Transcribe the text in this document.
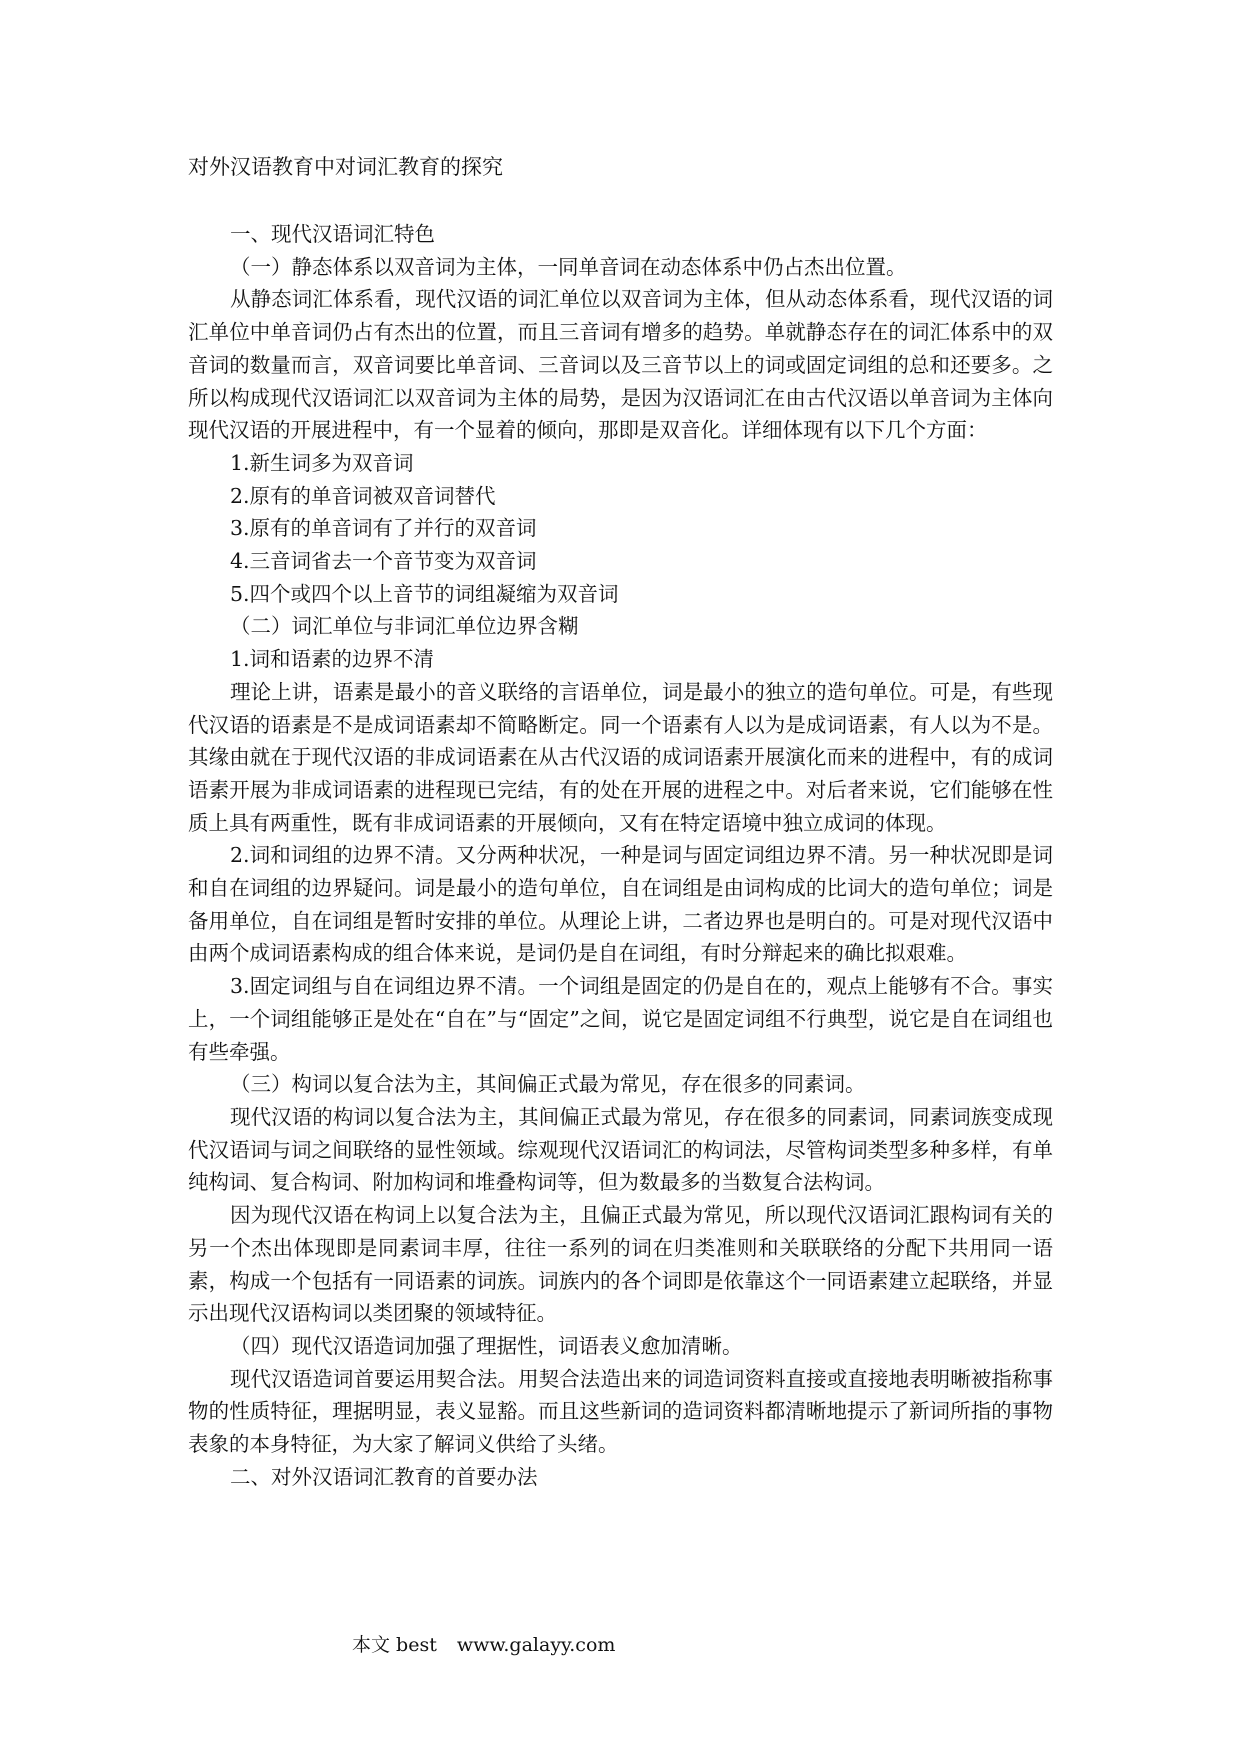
对外汉语教育中对词汇教育的探究

一、现代汉语词汇特色

（一）静态体系以双音词为主体，一同单音词在动态体系中仍占杰出位置。

从静态词汇体系看，现代汉语的词汇单位以双音词为主体，但从动态体系看，现代汉语的词汇单位中单音词仍占有杰出的位置，而且三音词有增多的趋势。单就静态存在的词汇体系中的双音词的数量而言，双音词要比单音词、三音词以及三音节以上的词或固定词组的总和还要多。之所以构成现代汉语词汇以双音词为主体的局势，是因为汉语词汇在由古代汉语以单音词为主体向现代汉语的开展进程中，有一个显着的倾向，那即是双音化。详细体现有以下几个方面：

1.新生词多为双音词

2.原有的单音词被双音词替代

3.原有的单音词有了并行的双音词

4.三音词省去一个音节变为双音词

5.四个或四个以上音节的词组凝缩为双音词

（二）词汇单位与非词汇单位边界含糊

1.词和语素的边界不清

理论上讲，语素是最小的音义联络的言语单位，词是最小的独立的造句单位。可是，有些现代汉语的语素是不是成词语素却不简略断定。同一个语素有人以为是成词语素，有人以为不是。其缘由就在于现代汉语的非成词语素在从古代汉语的成词语素开展演化而来的进程中，有的成词语素开展为非成词语素的进程现已完结，有的处在开展的进程之中。对后者来说，它们能够在性质上具有两重性，既有非成词语素的开展倾向，又有在特定语境中独立成词的体现。

2.词和词组的边界不清。又分两种状况，一种是词与固定词组边界不清。另一种状况即是词和自在词组的边界疑问。词是最小的造句单位，自在词组是由词构成的比词大的造句单位；词是备用单位，自在词组是暂时安排的单位。从理论上讲，二者边界也是明白的。可是对现代汉语中由两个成词语素构成的组合体来说，是词仍是自在词组，有时分辩起来的确比拟艰难。

3.固定词组与自在词组边界不清。一个词组是固定的仍是自在的，观点上能够有不合。事实上，一个词组能够正是处在“自在”与“固定”之间，说它是固定词组不行典型，说它是自在词组也有些牵强。

（三）构词以复合法为主，其间偏正式最为常见，存在很多的同素词。

现代汉语的构词以复合法为主，其间偏正式最为常见，存在很多的同素词，同素词族变成现代汉语词与词之间联络的显性领域。综观现代汉语词汇的构词法，尽管构词类型多种多样，有单纯构词、复合构词、附加构词和堆叠构词等，但为数最多的当数复合法构词。

因为现代汉语在构词上以复合法为主，且偏正式最为常见，所以现代汉语词汇跟构词有关的另一个杰出体现即是同素词丰厚，往往一系列的词在归类准则和关联联络的分配下共用同一语素，构成一个包括有一同语素的词族。词族内的各个词即是依靠这个一同语素建立起联络，并显示出现代汉语构词以类团聚的领域特征。

（四）现代汉语造词加强了理据性，词语表义愈加清晰。

现代汉语造词首要运用契合法。用契合法造出来的词造词资料直接或直接地表明晰被指称事物的性质特征，理据明显，表义显豁。而且这些新词的造词资料都清晰地提示了新词所指的事物表象的本身特征，为大家了解词义供给了头绪。

二、对外汉语词汇教育的首要办法

本文 best www.galayy.com
